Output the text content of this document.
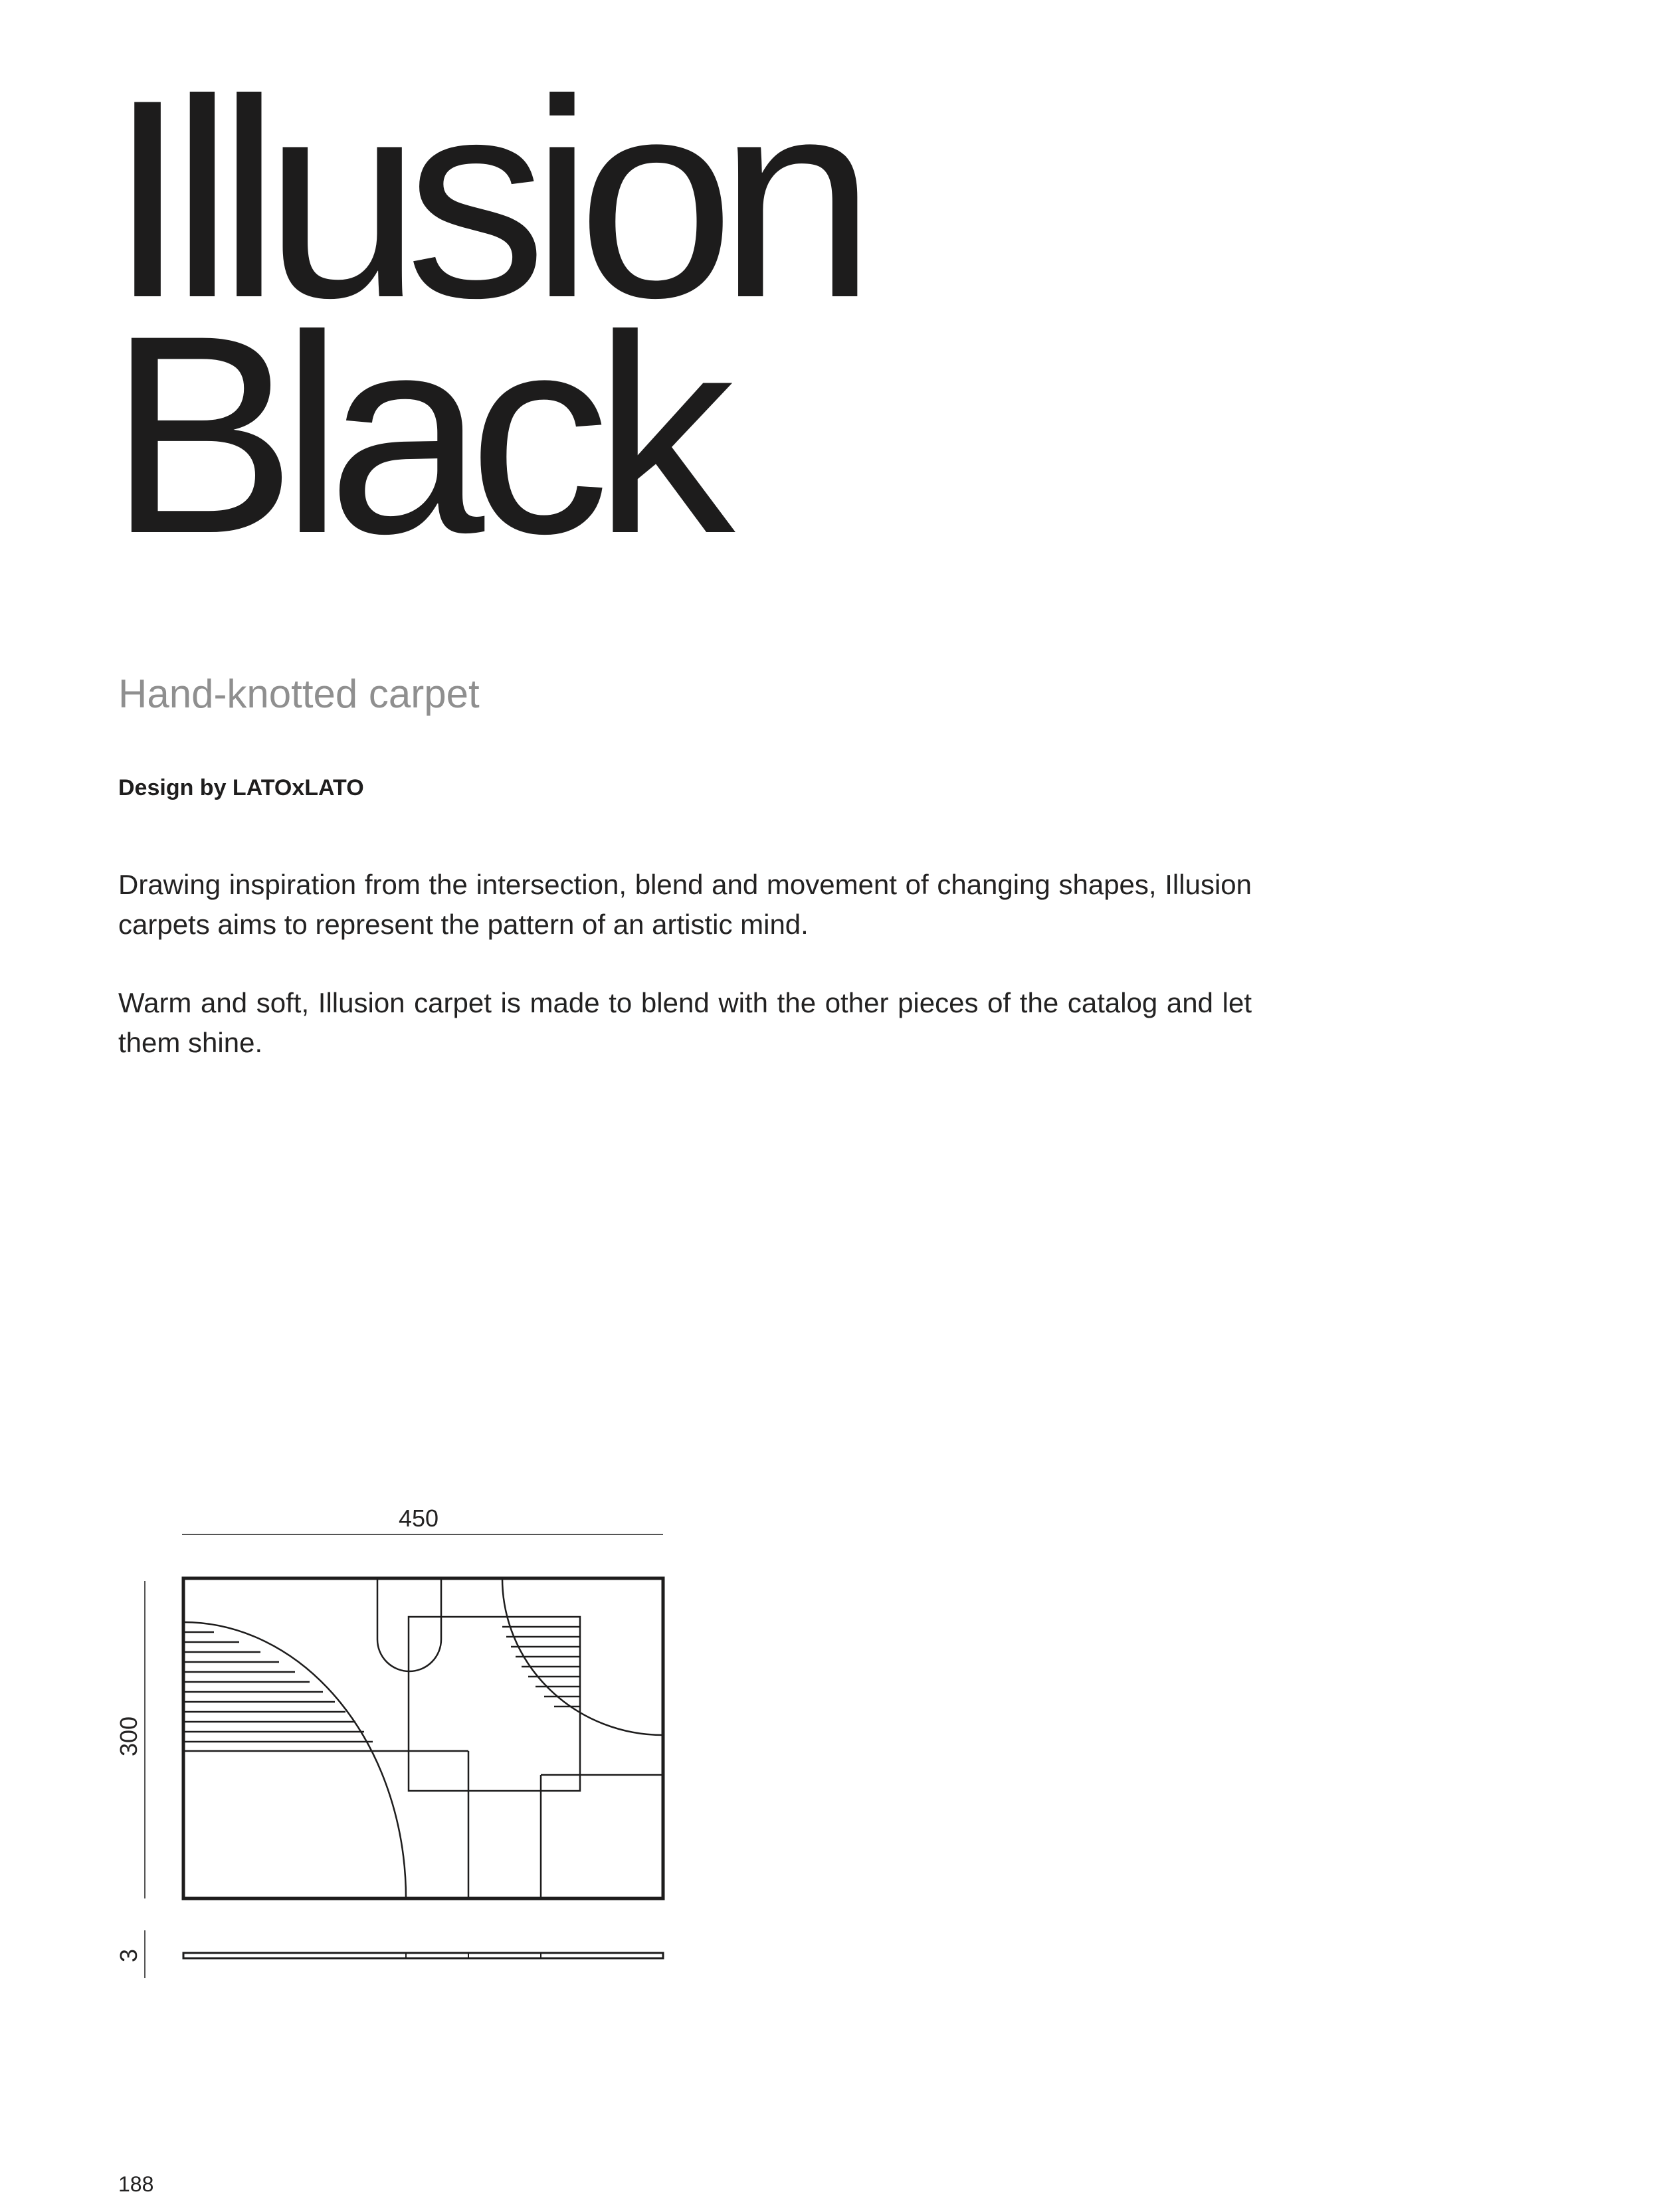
Illusion
Black

Hand-knotted carpet

Design by LATOxLATO

Drawing inspiration from the intersection, blend and movement of changing shapes, Illusion carpets aims to represent the pattern of an artistic mind.

Warm and soft, Illusion carpet is made to blend with the other pieces of the catalog and let them shine.

450
300
3

188
